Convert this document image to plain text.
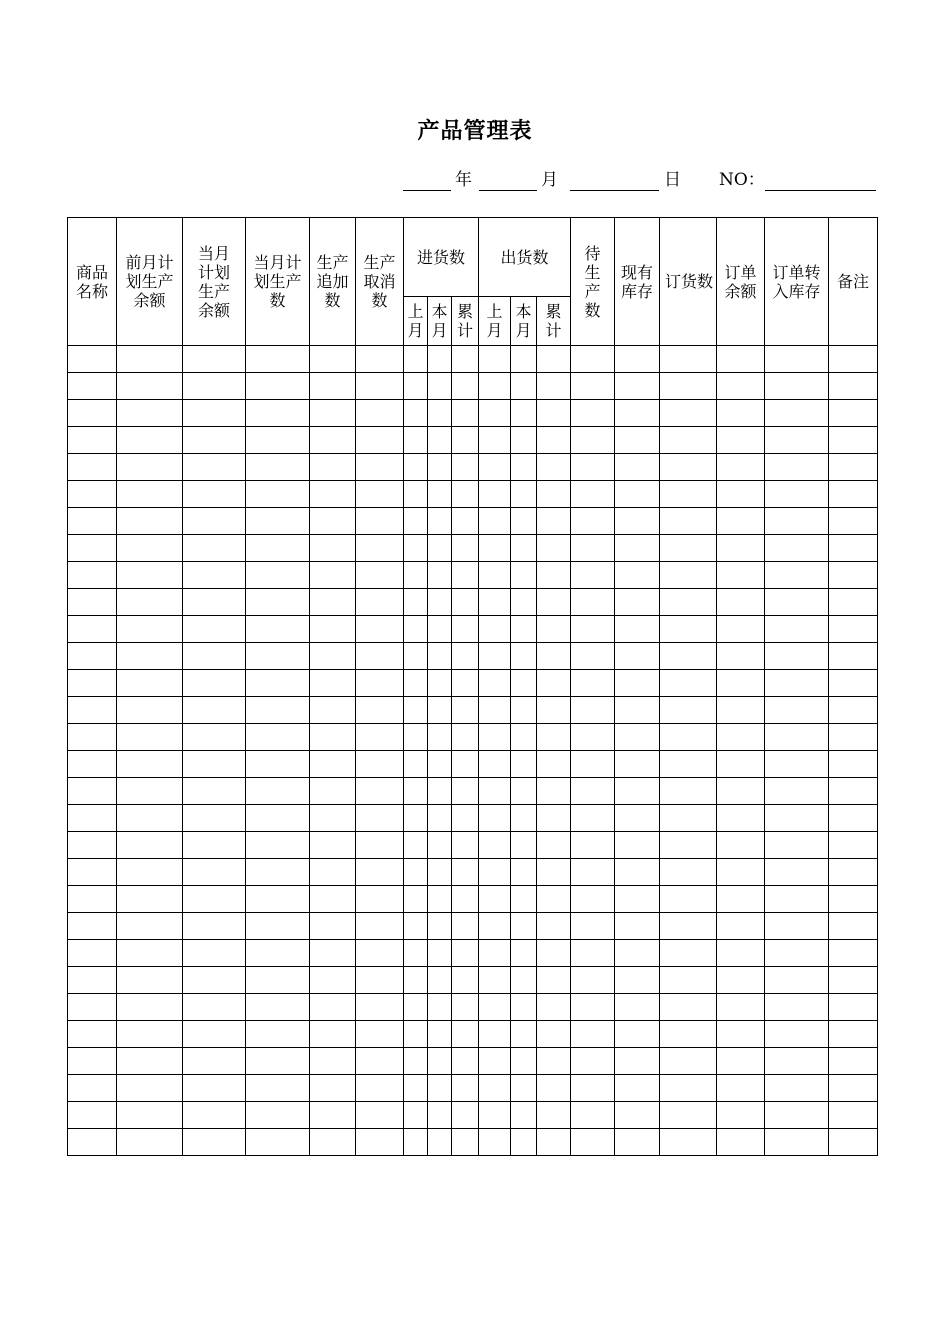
产品管理表
年	月	日 NO：
商品名称	前月计划生产余额	当月计划生产余额	当月计划生产数	生产追加数	生产取消数	进货数			出货数			待生产数	现有库存	订货数	订单余额	订单转入库存	备注
						上月	本月	累计	上月	本月	累计						
